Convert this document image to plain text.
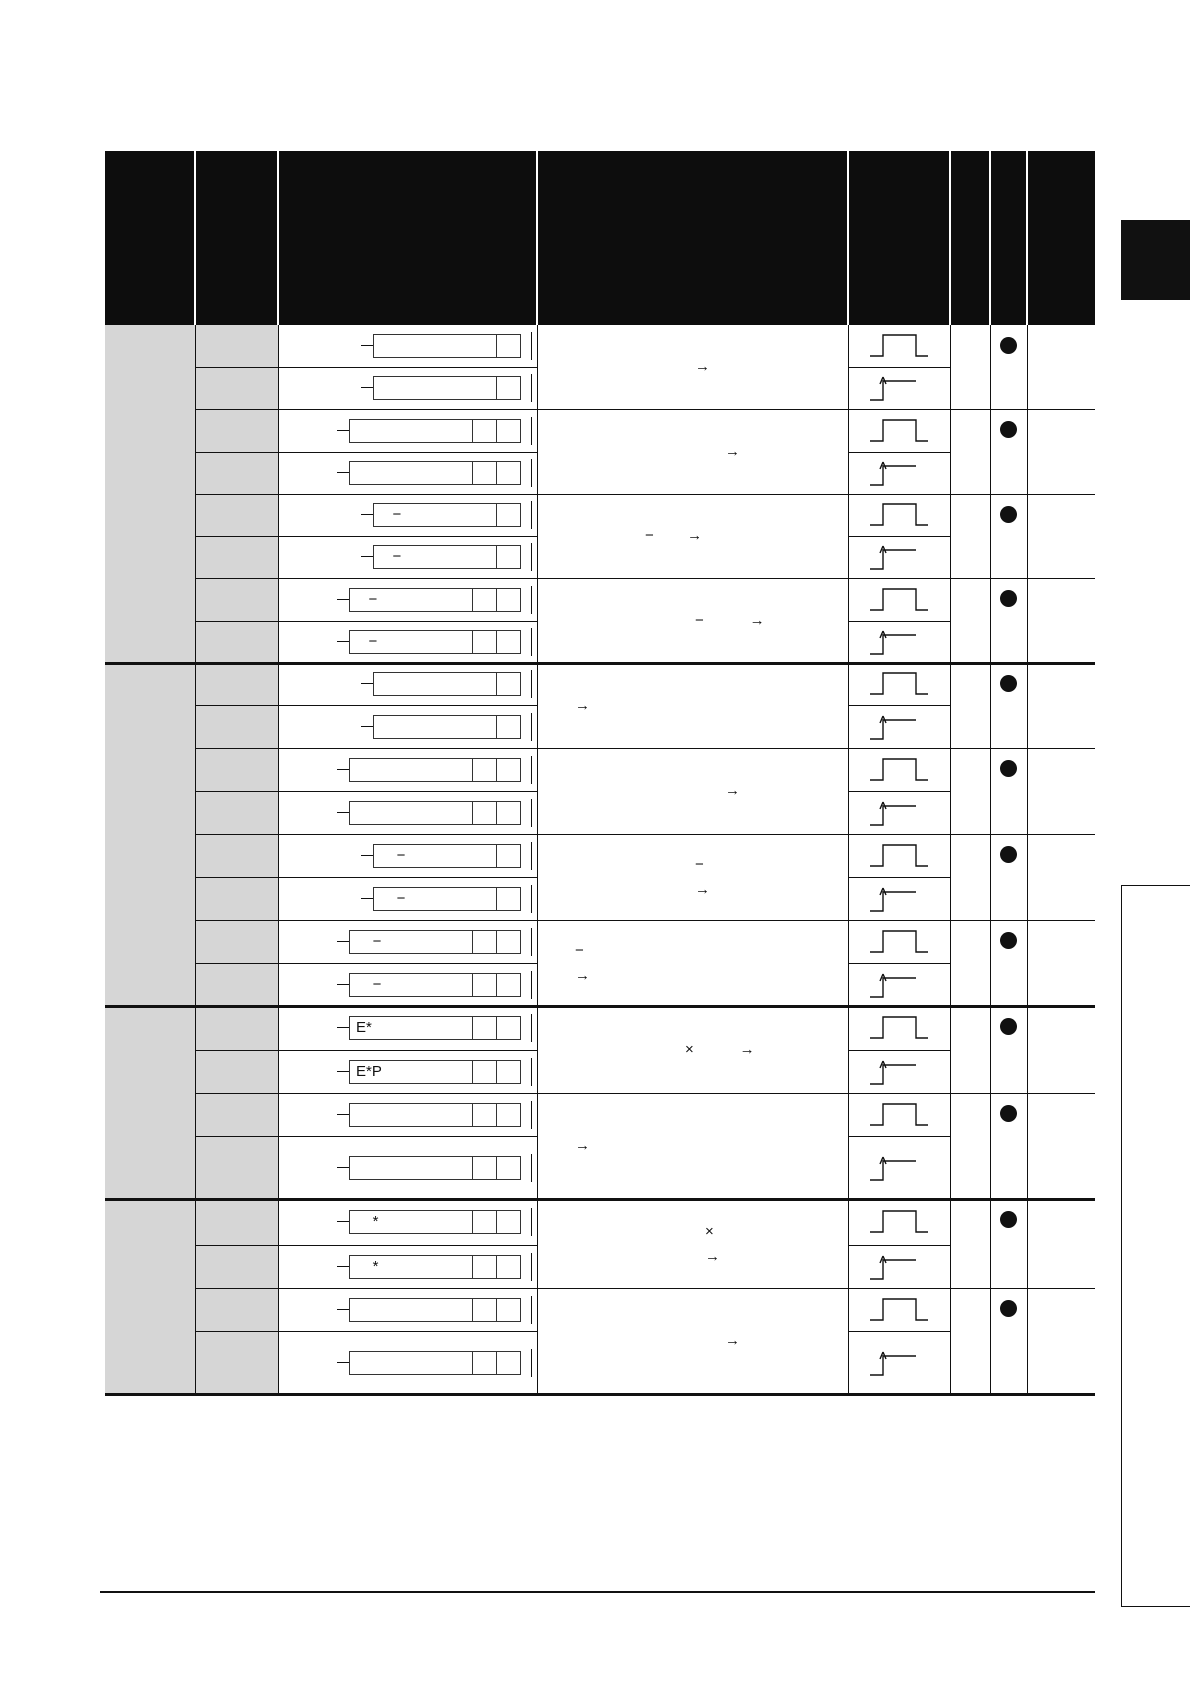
−
−
−
−
−
−
−
−
E*
E*P
*
*
→
→
−        →
−           →
→
→
−
→
−
→
×           →
→
×
→
→
